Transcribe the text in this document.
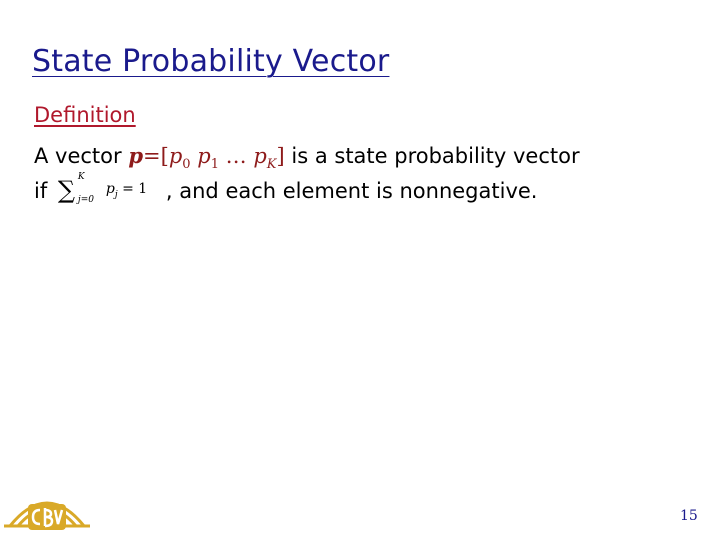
State Probability Vector
Definition
A vector $p=[p_0$ $p_1$ … $p_K$] is a state probability vector
if ∑ K
j=0
$p_j = 1$ , and each element is nonnegative.
15
